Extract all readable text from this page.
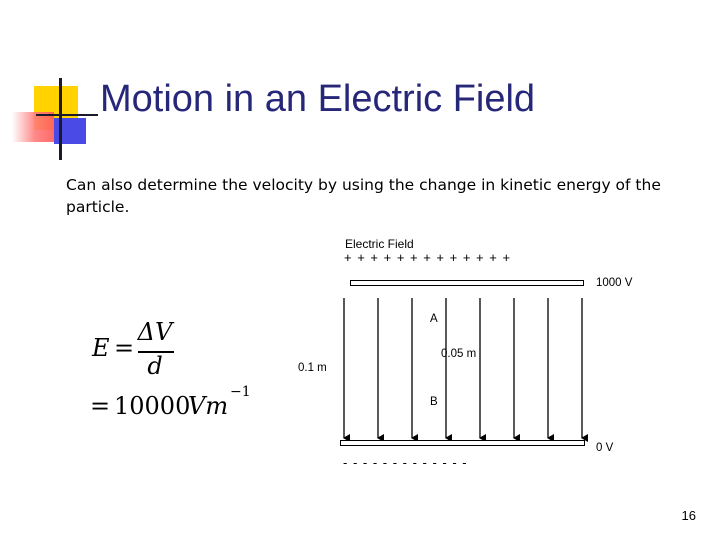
Motion in an Electric Field

Can also determine the velocity by using the change in kinetic energy of the particle.

E =
ΔV
d
= 10000
Vm −1
Electric Field
+ + + + + + + + + + + + +
1000 V
A
0.05 m
0.1 m
B
0 V
- - - - - - - - - - - - -
16
